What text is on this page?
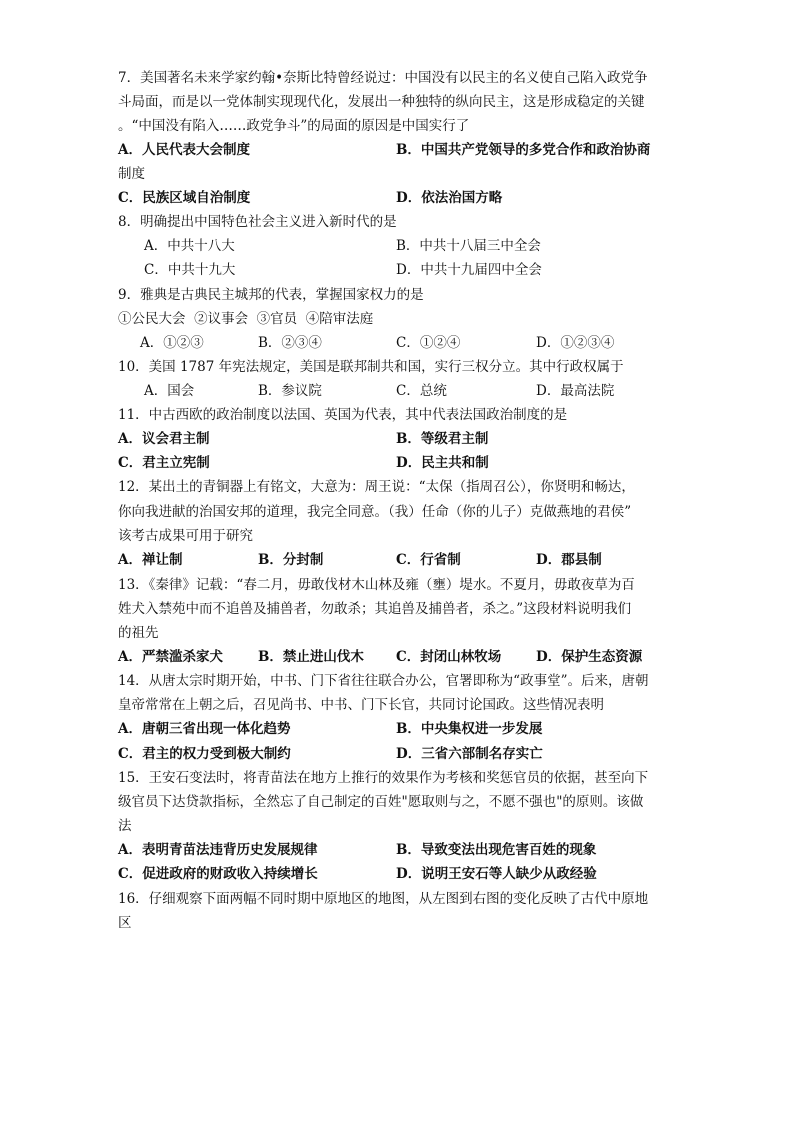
7．美国著名未来学家约翰•奈斯比特曾经说过：中国没有以民主的名义使自己陷入政党争
斗局面，而是以一党体制实现现代化，发展出一种独特的纵向民主，这是形成稳定的关键
。“中国没有陷入……政党争斗”的局面的原因是中国实行了
A．人民代表大会制度	B．中国共产党领导的多党合作和政治协商
制度
C．民族区域自治制度	D．依法治国方略
8．明确提出中国特色社会主义进入新时代的是
A．中共十八大	B．中共十八届三中全会
C．中共十九大	D．中共十九届四中全会
9．雅典是古典民主城邦的代表，掌握国家权力的是
①公民大会  ②议事会  ③官员  ④陪审法庭
A．①②③	B．②③④	C．①②④	D．①②③④
10．美国 1787 年宪法规定，美国是联邦制共和国，实行三权分立。其中行政权属于
A．国会	B．参议院	C．总统	D．最高法院
11．中古西欧的政治制度以法国、英国为代表，其中代表法国政治制度的是
A．议会君主制	B．等级君主制
C．君主立宪制	D．民主共和制
12．某出土的青铜器上有铭文，大意为：周王说：“太保（指周召公），你贤明和畅达，
你向我进献的治国安邦的道理，我完全同意。（我）任命（你的儿子）克做燕地的君侯”
该考古成果可用于研究
A．禅让制	B．分封制	C．行省制	D．郡县制
13．《秦律》记载：“春二月，毋敢伐材木山林及雍（壅）堤水。不夏月，毋敢夜草为百
姓犬入禁苑中而不追兽及捕兽者，勿敢杀；其追兽及捕兽者，杀之。”这段材料说明我们
的祖先
A．严禁滥杀家犬	B．禁止进山伐木 C．封闭山林牧场	D．保护生态资源
14．从唐太宗时期开始，中书、门下省往往联合办公，官署即称为“政事堂”。后来，唐朝
皇帝常常在上朝之后，召见尚书、中书、门下长官，共同讨论国政。这些情况表明
A．唐朝三省出现一体化趋势	B．中央集权进一步发展
C．君主的权力受到极大制约	D．三省六部制名存实亡
15．王安石变法时，将青苗法在地方上推行的效果作为考核和奖惩官员的依据，甚至向下
级官员下达贷款指标，全然忘了自己制定的百姓"愿取则与之，不愿不强也"的原则。该做
法
A．表明青苗法违背历史发展规律	B．导致变法出现危害百姓的现象
C．促进政府的财政收入持续增长	D．说明王安石等人缺少从政经验
16．仔细观察下面两幅不同时期中原地区的地图，从左图到右图的变化反映了古代中原地
区
